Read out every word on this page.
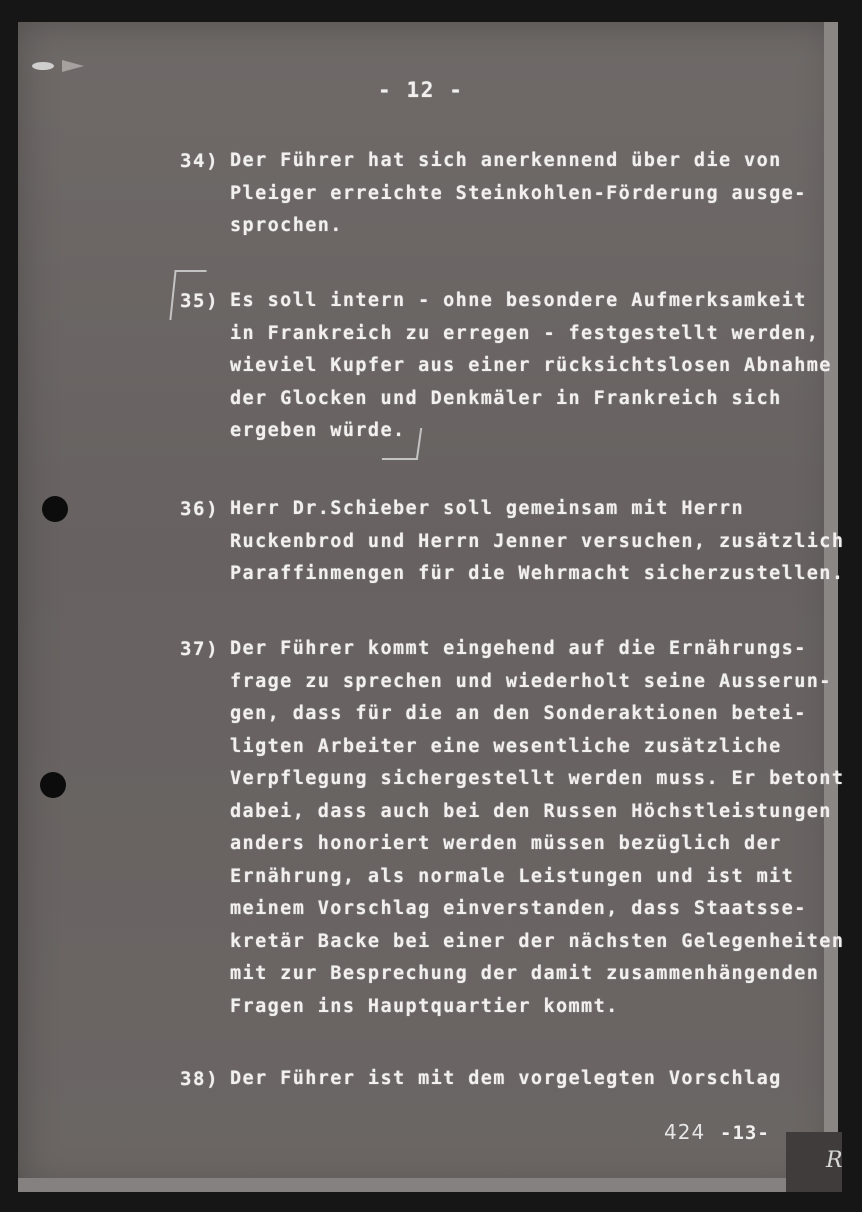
R
- 12 -
34) Der Führer hat sich anerkennend über die von
Pleiger erreichte Steinkohlen-Förderung ausge-
sprochen.
35) Es soll intern - ohne besondere Aufmerksamkeit
in Frankreich zu erregen - festgestellt werden,
wieviel Kupfer aus einer rücksichtslosen Abnahme
der Glocken und Denkmäler in Frankreich sich
ergeben würde.
36) Herr Dr.Schieber soll gemeinsam mit Herrn
Ruckenbrod und Herrn Jenner versuchen, zusätzlich
Paraffinmengen für die Wehrmacht sicherzustellen.
37) Der Führer kommt eingehend auf die Ernährungs-
frage zu sprechen und wiederholt seine Ausserun-
gen, dass für die an den Sonderaktionen betei-
ligten Arbeiter eine wesentliche zusätzliche
Verpflegung sichergestellt werden muss. Er betont
dabei, dass auch bei den Russen Höchstleistungen
anders honoriert werden müssen bezüglich der
Ernährung, als normale Leistungen und ist mit
meinem Vorschlag einverstanden, dass Staatsse-
kretär Backe bei einer der nächsten Gelegenheiten
mit zur Besprechung der damit zusammenhängenden
Fragen ins Hauptquartier kommt.
38) Der Führer ist mit dem vorgelegten Vorschlag
424 -13-
